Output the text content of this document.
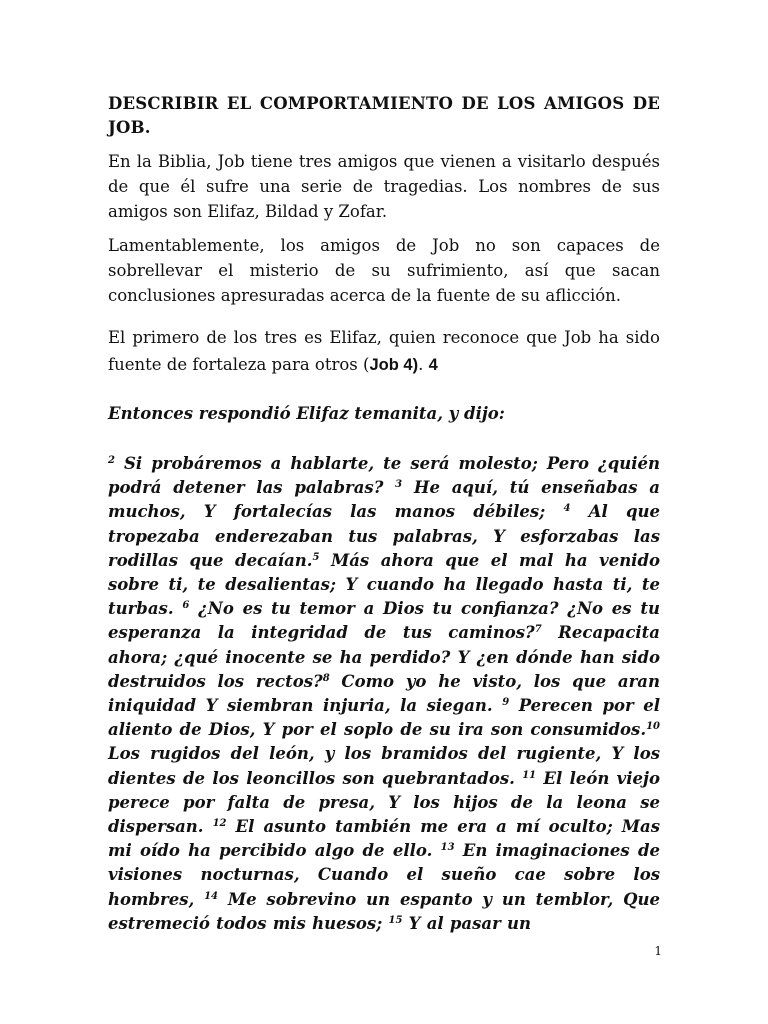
DESCRIBIR EL COMPORTAMIENTO DE LOS AMIGOS DE JOB.

En la Biblia, Job tiene tres amigos que vienen a visitarlo después de que él sufre una serie de tragedias. Los nombres de sus amigos son Elifaz, Bildad y Zofar.

Lamentablemente, los amigos de Job no son capaces de sobrellevar el misterio de su sufrimiento, así que sacan conclusiones apresuradas acerca de la fuente de su aflicción.

El primero de los tres es Elifaz, quien reconoce que Job ha sido fuente de fortaleza para otros (Job 4). 4

Entonces respondió Elifaz temanita, y dijo:

$^2$ Si probáremos a hablarte, te será molesto; Pero ¿quién podrá detener las palabras? $^3$ He aquí, tú enseñabas a muchos, Y fortalecías las manos débiles; $^4$ Al que tropezaba enderezaban tus palabras, Y esforzabas las rodillas que decaían.$^5$ Más ahora que el mal ha venido sobre ti, te desalientas; Y cuando ha llegado hasta ti, te turbas. $^6$ ¿No es tu temor a Dios tu confianza? ¿No es tu esperanza la integridad de tus caminos?$^7$ Recapacita ahora; ¿qué inocente se ha perdido? Y ¿en dónde han sido destruidos los rectos?$^8$ Como yo he visto, los que aran iniquidad Y siembran injuria, la siegan. $^9$ Perecen por el aliento de Dios, Y por el soplo de su ira son consumidos.$^{10}$ Los rugidos del león, y los bramidos del rugiente, Y los dientes de los leoncillos son quebrantados. $^{11}$ El león viejo perece por falta de presa, Y los hijos de la leona se dispersan. $^{12}$ El asunto también me era a mí oculto; Mas mi oído ha percibido algo de ello. $^{13}$ En imaginaciones de visiones nocturnas, Cuando el sueño cae sobre los hombres, $^{14}$ Me sobrevino un espanto y un temblor, Que estremeció todos mis huesos; $^{15}$ Y al pasar un

1
